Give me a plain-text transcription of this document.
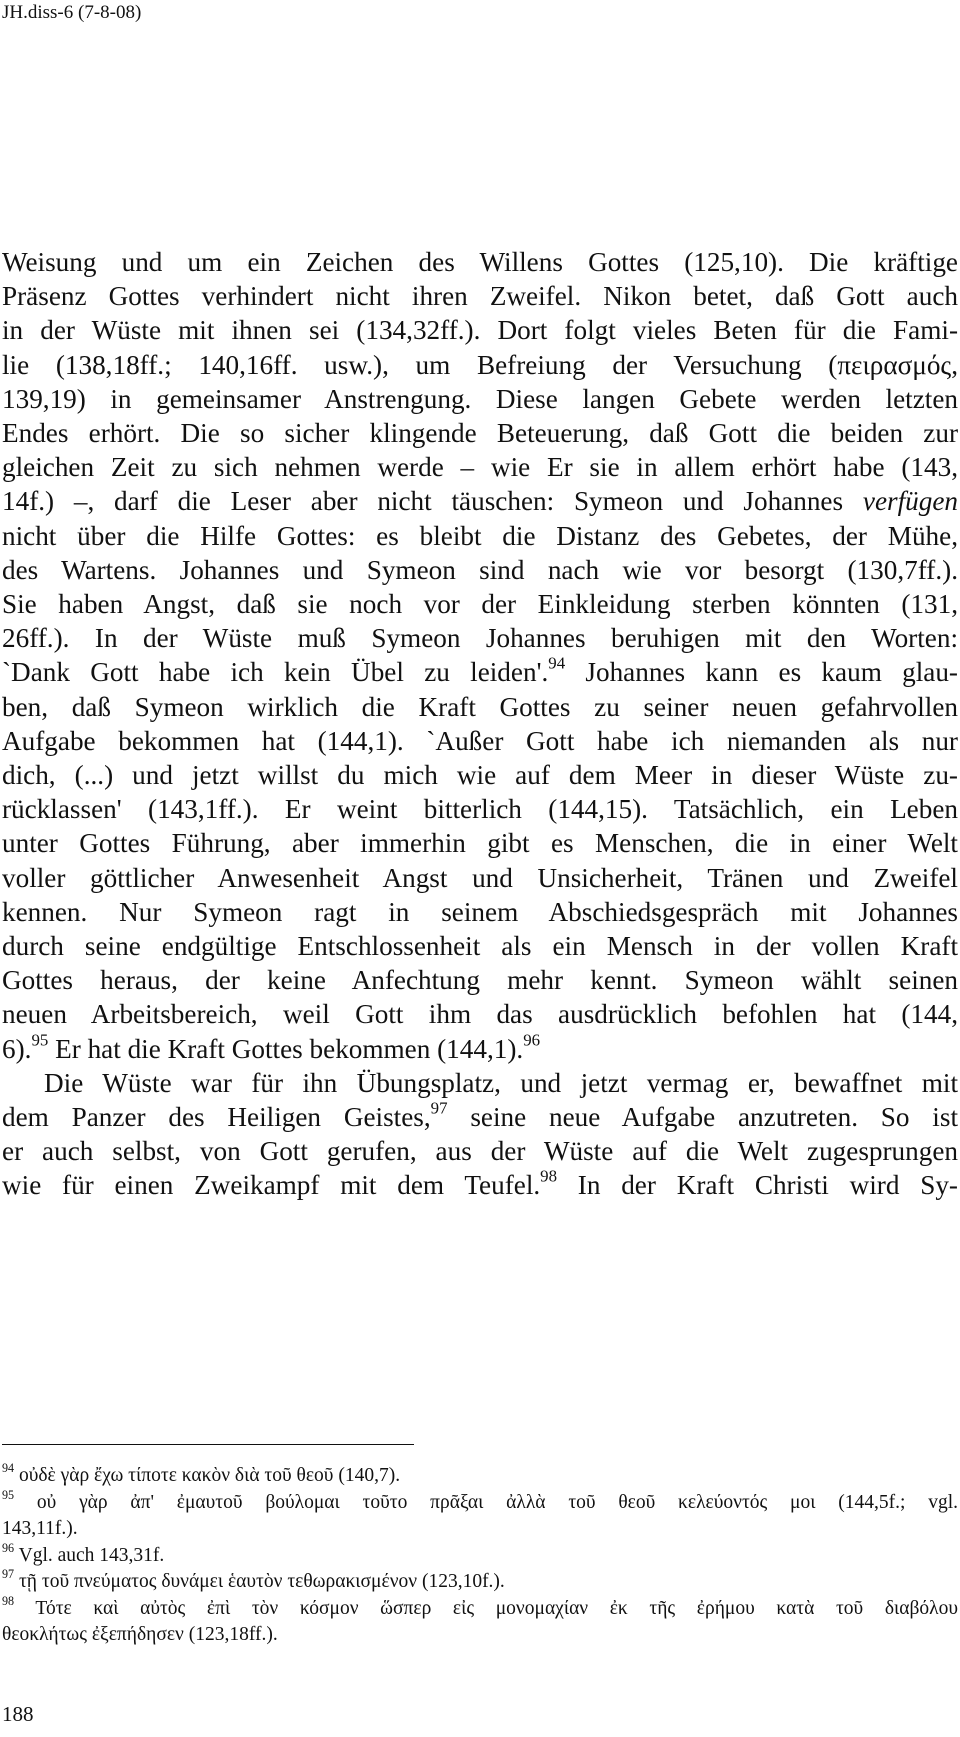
JH.diss-6 (7-8-08)
Weisung und um ein Zeichen des Willens Gottes (125,10). Die kräftige
Präsenz Gottes verhindert nicht ihren Zweifel. Nikon betet, daß Gott auch
in der Wüste mit ihnen sei (134,32ff.). Dort folgt vieles Beten für die Fami-
lie (138,18ff.; 140,16ff. usw.), um Befreiung der Versuchung (πειρασμός,
139,19) in gemeinsamer Anstrengung. Diese langen Gebete werden letzten
Endes erhört. Die so sicher klingende Beteuerung, daß Gott die beiden zur
gleichen Zeit zu sich nehmen werde – wie Er sie in allem erhört habe (143,
14f.) –, darf die Leser aber nicht täuschen: Symeon und Johannes verfügen
nicht über die Hilfe Gottes: es bleibt die Distanz des Gebetes, der Mühe,
des Wartens. Johannes und Symeon sind nach wie vor besorgt (130,7ff.).
Sie haben Angst, daß sie noch vor der Einkleidung sterben könnten (131,
26ff.). In der Wüste muß Symeon Johannes beruhigen mit den Worten:
`Dank Gott habe ich kein Übel zu leiden'.$^{94}$ Johannes kann es kaum glau-
ben, daß Symeon wirklich die Kraft Gottes zu seiner neuen gefahrvollen
Aufgabe bekommen hat (144,1). `Außer Gott habe ich niemanden als nur
dich, (...) und jetzt willst du mich wie auf dem Meer in dieser Wüste zu-
rücklassen' (143,1ff.). Er weint bitterlich (144,15). Tatsächlich, ein Leben
unter Gottes Führung, aber immerhin gibt es Menschen, die in einer Welt
voller göttlicher Anwesenheit Angst und Unsicherheit, Tränen und Zweifel
kennen. Nur Symeon ragt in seinem Abschiedsgespräch mit Johannes
durch seine endgültige Entschlossenheit als ein Mensch in der vollen Kraft
Gottes heraus, der keine Anfechtung mehr kennt. Symeon wählt seinen
neuen Arbeitsbereich, weil Gott ihm das ausdrücklich befohlen hat (144,
6).$^{95}$ Er hat die Kraft Gottes bekommen (144,1).$^{96}$
Die Wüste war für ihn Übungsplatz, und jetzt vermag er, bewaffnet mit
dem Panzer des Heiligen Geistes,$^{97}$ seine neue Aufgabe anzutreten. So ist
er auch selbst, von Gott gerufen, aus der Wüste auf die Welt zugesprungen
wie für einen Zweikampf mit dem Teufel.$^{98}$ In der Kraft Christi wird Sy-
$^{94}$ οὐδὲ γὰρ ἔχω τίποτε κακὸν διὰ τοῦ θεοῦ (140,7).
$^{95}$ οὐ γὰρ ἀπ' ἐμαυτοῦ βούλομαι τοῦτο πρᾶξαι ἀλλὰ τοῦ θεοῦ κελεύοντός μοι (144,5f.; vgl.
143,11f.).
$^{96}$ Vgl. auch 143,31f.
$^{97}$ τῇ τοῦ πνεύματος δυνάμει ἑαυτὸν τεθωρακισμένον (123,10f.).
$^{98}$ Τότε καὶ αὐτὸς ἐπὶ τὸν κόσμον ὥσπερ εἰς μονομαχίαν ἐκ τῆς ἐρήμου κατὰ τοῦ διαβόλου
θεοκλήτως ἐξεπήδησεν (123,18ff.).
188
